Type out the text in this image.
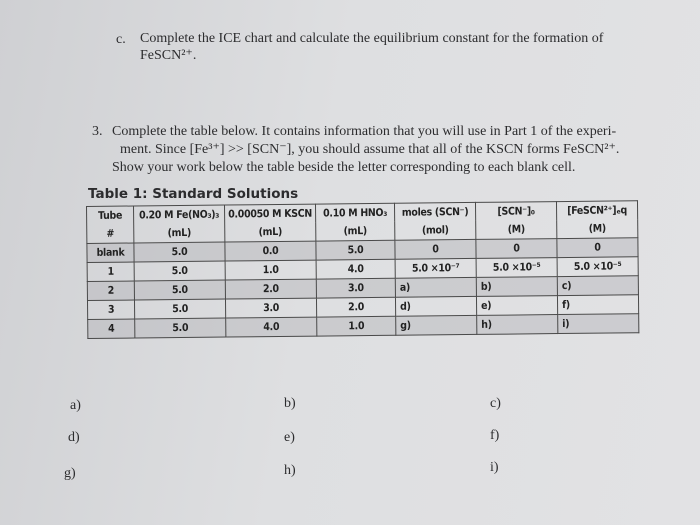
c. Complete the ICE chart and calculate the equilibrium constant for the formation of
FeSCN²⁺.
3. Complete the table below. It contains information that you will use in Part 1 of the experi-
ment. Since [Fe³⁺] >> [SCN⁻], you should assume that all of the KSCN forms FeSCN²⁺.
Show your work below the table beside the letter corresponding to each blank cell.
Table 1: Standard Solutions
Tube	0.20 M Fe(NO₃)₃	0.00050 M KSCN	0.10 M HNO₃	moles (SCN⁻)	[SCN⁻]₀	[FeSCN²⁺]ₑq
#	(mL)	(mL)	(mL)	(mol)	(M)	(M)
blank	5.0	0.0	5.0	0	0	0
1	5.0	1.0	4.0	5.0 ×10⁻⁷	5.0 ×10⁻⁵	5.0 ×10⁻⁵
2	5.0	2.0	3.0	a)	b)	c)
3	5.0	3.0	2.0	d)	e)	f)
4	5.0	4.0	1.0	g)	h)	i)
a)	b)	c)
d)	e)	f)
g)	h)	i)
